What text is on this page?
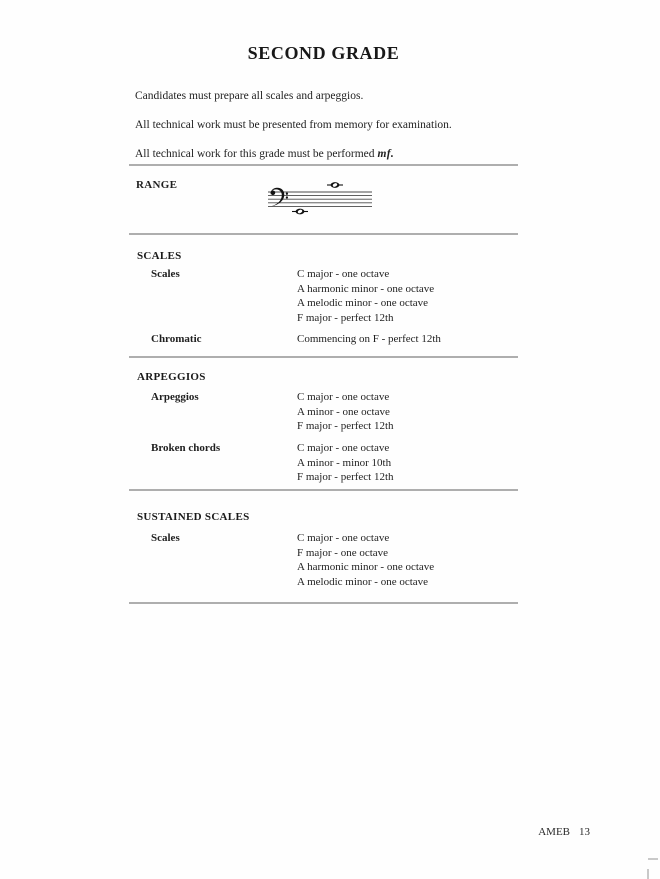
SECOND GRADE

Candidates must prepare all scales and arpeggios.

All technical work must be presented from memory for examination.

All technical work for this grade must be performed mf.

RANGE
SCALES
Scales	C major - one octave
A harmonic minor - one octave
A melodic minor - one octave
F major - perfect 12th
Chromatic	Commencing on F - perfect 12th
ARPEGGIOS
Arpeggios	C major - one octave
A minor - one octave
F major - perfect 12th
Broken chords	C major - one octave
A minor - minor 10th
F major - perfect 12th
SUSTAINED SCALES
Scales	C major - one octave
F major - one octave
A harmonic minor - one octave
A melodic minor - one octave
AMEB 13
